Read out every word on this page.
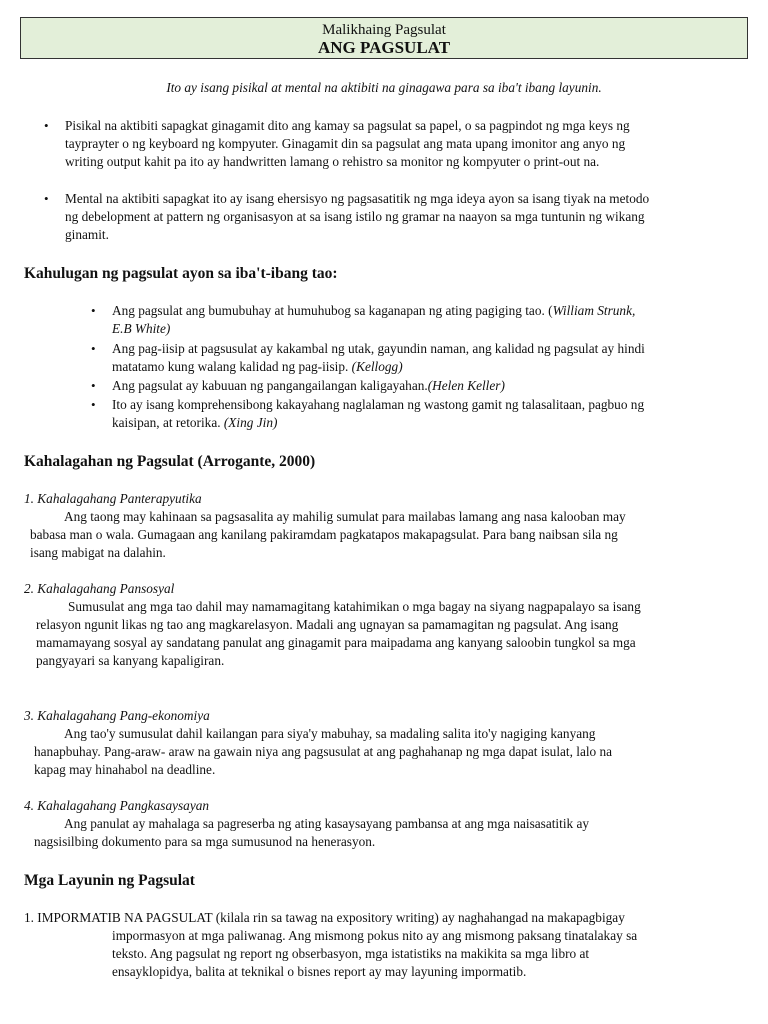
Malikhaing Pagsulat
ANG PAGSULAT
Ito ay isang pisikal at mental na aktibiti na ginagawa para sa iba't ibang layunin.
• Pisikal na aktibiti sapagkat ginagamit dito ang kamay sa pagsulat sa papel, o sa pagpindot ng mga keys ng
tayprayter o ng keyboard ng kompyuter. Ginagamit din sa pagsulat ang mata upang imonitor ang anyo ng
writing output kahit pa ito ay handwritten lamang o rehistro sa monitor ng kompyuter o print-out na.
• Mental na aktibiti sapagkat ito ay isang ehersisyo ng pagsasatitik ng mga ideya ayon sa isang tiyak na metodo
ng debelopment at pattern ng organisasyon at sa isang istilo ng gramar na naayon sa mga tuntunin ng wikang
ginamit.
Kahulugan ng pagsulat ayon sa iba't-ibang tao:
• Ang pagsulat ang bumubuhay at humuhubog sa kaganapan ng ating pagiging tao. (William Strunk,
E.B White)
• Ang pag-iisip at pagsusulat ay kakambal ng utak, gayundin naman, ang kalidad ng pagsulat ay hindi
matatamo kung walang kalidad ng pag-iisip. (Kellogg)
• Ang pagsulat ay kabuuan ng pangangailangan kaligayahan.(Helen Keller)
• Ito ay isang komprehensibong kakayahang naglalaman ng wastong gamit ng talasalitaan, pagbuo ng
kaisipan, at retorika. (Xing Jin)
Kahalagahan ng Pagsulat (Arrogante, 2000)
1. Kahalagahang Panterapyutika
Ang taong may kahinaan sa pagsasalita ay mahilig sumulat para mailabas lamang ang nasa kalooban may
babasa man o wala. Gumagaan ang kanilang pakiramdam pagkatapos makapagsulat. Para bang naibsan sila ng
isang mabigat na dalahin.
2. Kahalagahang Pansosyal
Sumusulat ang mga tao dahil may namamagitang katahimikan o mga bagay na siyang nagpapalayo sa isang
relasyon ngunit likas ng tao ang magkarelasyon. Madali ang ugnayan sa pamamagitan ng pagsulat. Ang isang
mamamayang sosyal ay sandatang panulat ang ginagamit para maipadama ang kanyang saloobin tungkol sa mga
pangyayari sa kanyang kapaligiran.
3. Kahalagahang Pang-ekonomiya
Ang tao'y sumusulat dahil kailangan para siya'y mabuhay, sa madaling salita ito'y nagiging kanyang
hanapbuhay. Pang-araw- araw na gawain niya ang pagsusulat at ang paghahanap ng mga dapat isulat, lalo na
kapag may hinahabol na deadline.
4. Kahalagahang Pangkasaysayan
Ang panulat ay mahalaga sa pagreserba ng ating kasaysayang pambansa at ang mga naisasatitik ay
nagsisilbing dokumento para sa mga sumusunod na henerasyon.
Mga Layunin ng Pagsulat
1. IMPORMATIB NA PAGSULAT (kilala rin sa tawag na expository writing) ay naghahangad na makapagbigay
impormasyon at mga paliwanag. Ang mismong pokus nito ay ang mismong paksang tinatalakay sa
teksto. Ang pagsulat ng report ng obserbasyon, mga istatistiks na makikita sa mga libro at
ensayklopidya, balita at teknikal o bisnes report ay may layuning impormatib.
